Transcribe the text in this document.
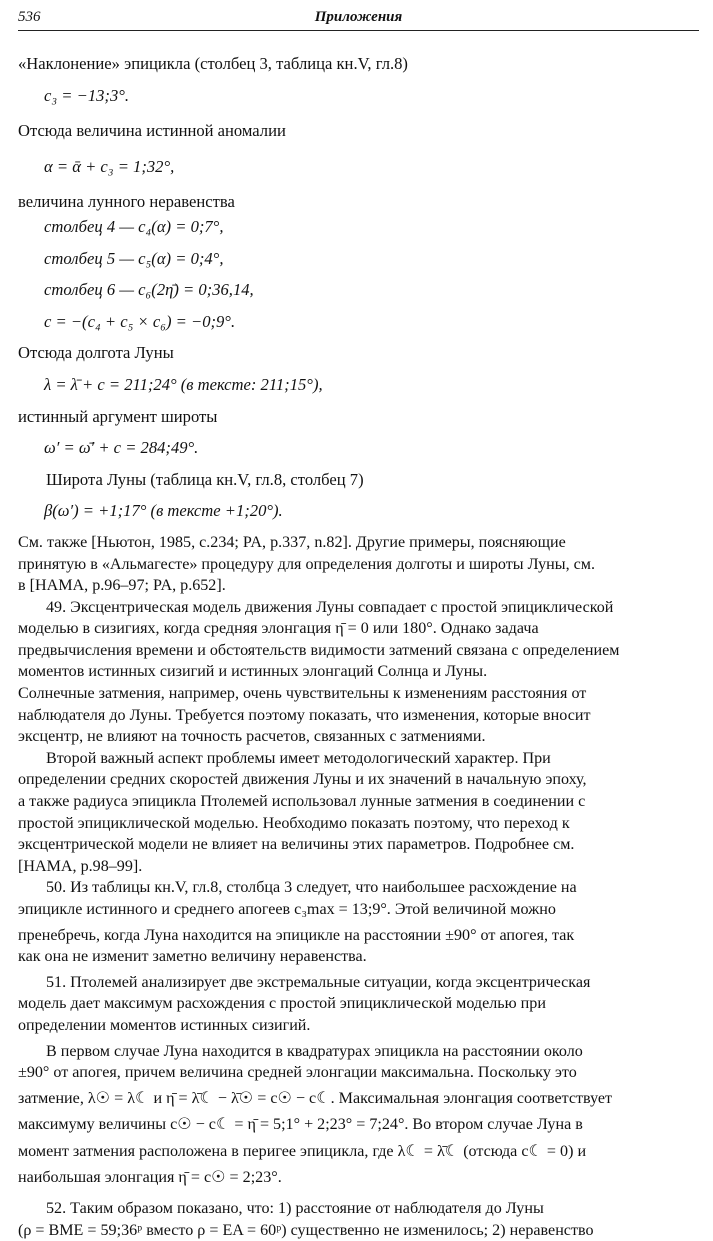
536	Приложения
«Наклонение» эпицикла (столбец 3, таблица кн.V, гл.8)
c₃ = −13;3°.
Отсюда величина истинной аномалии
α = ᾱ + c₃ = 1;32°,
величина лунного неравенства
столбец 4 — c₄(α) = 0;7°,
столбец 5 — c₅(α) = 0;4°,
столбец 6 — c₆(2η̄) = 0;36,14,
c = −(c₄ + c₅ × c₆) = −0;9°.
Отсюда долгота Луны
λ = λ̄ + c = 211;24° (в тексте: 211;15°),
истинный аргумент широты
ω′ = ω̄′ + c = 284;49°.
Широта Луны (таблица кн.V, гл.8, столбец 7)
β(ω′) = +1;17° (в тексте +1;20°).
См. также [Ньютон, 1985, с.234; PA, p.337, n.82]. Другие примеры, поясняющие
принятую в «Альмагесте» процедуру для определения долготы и широты Луны, см.
в [HAMA, p.96–97; PA, p.652].
49. Эксцентрическая модель движения Луны совпадает с простой эпициклической
моделью в сизигиях, когда средняя элонгация η̄ = 0 или 180°. Однако задача
предвычисления времени и обстоятельств видимости затмений связана с определением
моментов истинных сизигий и истинных элонгаций Солнца и Луны.
Солнечные затмения, например, очень чувствительны к изменениям расстояния от
наблюдателя до Луны. Требуется поэтому показать, что изменения, которые вносит
эксцентр, не влияют на точность расчетов, связанных с затмениями.
Второй важный аспект проблемы имеет методологический характер. При
определении средних скоростей движения Луны и их значений в начальную эпоху,
а также радиуса эпицикла Птолемей использовал лунные затмения в соединении с
простой эпициклической моделью. Необходимо показать поэтому, что переход к
эксцентрической модели не влияет на величины этих параметров. Подробнее см.
[HAMA, p.98–99].
50. Из таблицы кн.V, гл.8, столбца 3 следует, что наибольшее расхождение на
эпицикле истинного и среднего апогеев c₃max = 13;9°. Этой величиной можно
пренебречь, когда Луна находится на эпицикле на расстоянии ±90° от апогея, так
как она не изменит заметно величину неравенства.
51. Птолемей анализирует две экстремальные ситуации, когда эксцентрическая
модель дает максимум расхождения с простой эпициклической моделью при
определении моментов истинных сизигий.
В первом случае Луна находится в квадратурах эпицикла на расстоянии около
±90° от апогея, причем величина средней элонгации максимальна. Поскольку это
затмение, λ☉ = λ☾ и η̄ = λ̄☾ − λ̄☉ = c☉ − c☾. Максимальная элонгация соответствует
максимуму величины c☉ − c☾ = η̄ = 5;1° + 2;23° = 7;24°. Во втором случае Луна в
момент затмения расположена в перигее эпицикла, где λ☾ = λ̄☾ (отсюда c☾ = 0) и
наибольшая элонгация η̄ = c☉ = 2;23°.
52. Таким образом показано, что: 1) расстояние от наблюдателя до Луны
(ρ = BME = 59;36ᵖ вместо ρ = EA = 60ᵖ) существенно не изменилось; 2) неравенство
